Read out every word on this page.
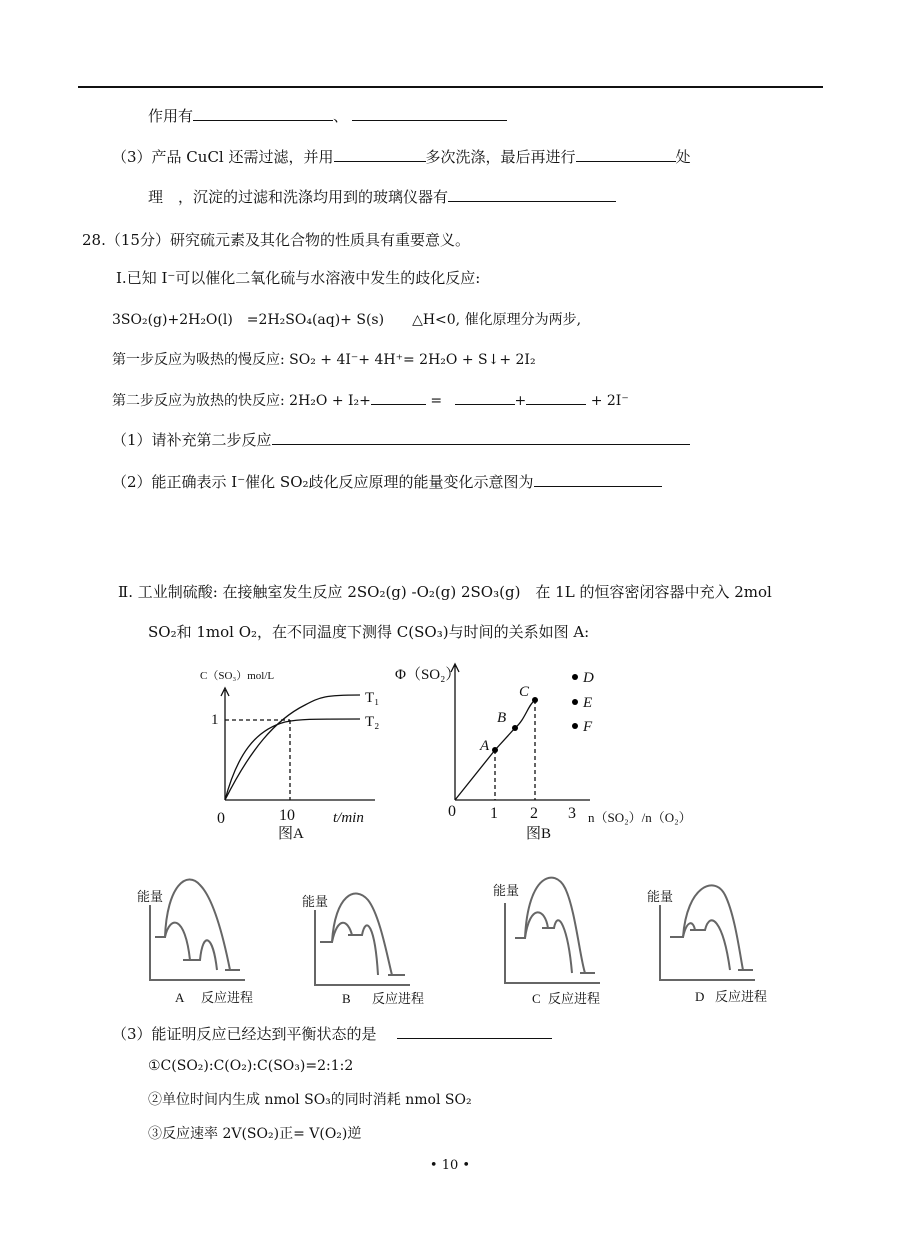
作用有	、
（3）产品 CuCl 还需过滤，并用	多次洗涤，最后再进行	处
理　，沉淀的过滤和洗涤均用到的玻璃仪器有
28.（15分）研究硫元素及其化合物的性质具有重要意义。
Ⅰ.已知 I⁻可以催化二氧化硫与水溶液中发生的歧化反应:
3SO₂(g)+2H₂O(l)　=2H₂SO₄(aq)+ S(s)　　△H<0, 催化原理分为两步,
第一步反应为吸热的慢反应: SO₂ + 4I⁻+ 4H⁺= 2H₂O + S↓+ 2I₂
第二步反应为放热的快反应: 2H₂O + I₂+	=	+	+ 2I⁻
（1）请补充第二步反应
（2）能正确表示 I⁻催化 SO₂歧化反应原理的能量变化示意图为
Ⅱ. 工业制硫酸: 在接触室发生反应 2SO₂(g) -O₂(g) 2SO₃(g)　在 1L 的恒容密闭容器中充入 2mol
SO₂和 1mol O₂，在不同温度下测得 C(SO₃)与时间的关系如图 A:
C（SO₃）mol/L
1
0	10	t/min
T₁
T₂
图A
A
B
C
D
E
F
Φ（SO₂）
0 1 2 3 n（SO₂）/n（O₂）
图B
能量
A 反应进程
能量
B 反应进程
能量
C 反应进程
能量
D 反应进程
（3）能证明反应已经达到平衡状态的是
①C(SO₂):C(O₂):C(SO₃)=2:1:2
②单位时间内生成 nmol SO₃的同时消耗 nmol SO₂
③反应速率 2V(SO₂)正= V(O₂)逆
• 10 •
